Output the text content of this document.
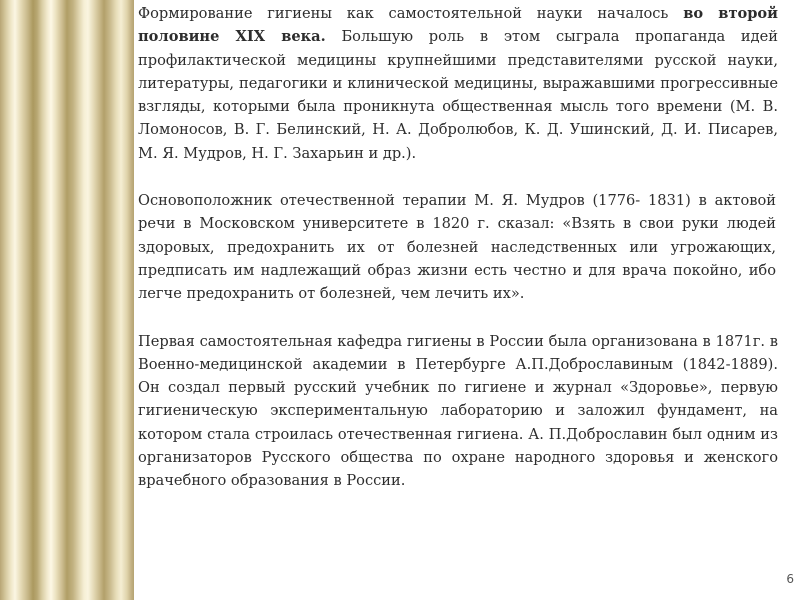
Формирование гигиены как самостоятельной науки началось во второй половине XIX века. Большую роль в этом сыграла пропаганда идей профилактической медицины крупнейшими представителями русской науки, литературы, педагогики и клинической медицины, выражавшими прогрессивные взгляды, которыми была проникнута общественная мысль того времени (М. В. Ломоносов, В. Г. Белинский, Н. А. Добролюбов, К. Д. Ушинский, Д. И. Писарев, М. Я. Мудров, Н. Г. Захарьин и др.).

Основоположник отечественной терапии М. Я. Мудров (1776- 1831) в актовой речи в Московском университете в 1820 г. сказал: «Взять в свои руки людей здоровых, предохранить их от болезней наследственных или угрожающих, предписать им надлежащий образ жизни есть честно и для врача покойно, ибо легче предохранить от болезней, чем лечить их».

Первая самостоятельная кафедра гигиены в России была организована в 1871г. в Военно-медицинской академии в Петербурге А.П.Доброславиным (1842-1889). Он создал первый русский учебник по гигиене и журнал «Здоровье», первую гигиеническую экспериментальную лабораторию и заложил фундамент, на котором стала строилась отечественная гигиена. А. П.Доброславин был одним из организаторов Русского общества по охране народного здоровья и женского врачебного образования в России.

6
